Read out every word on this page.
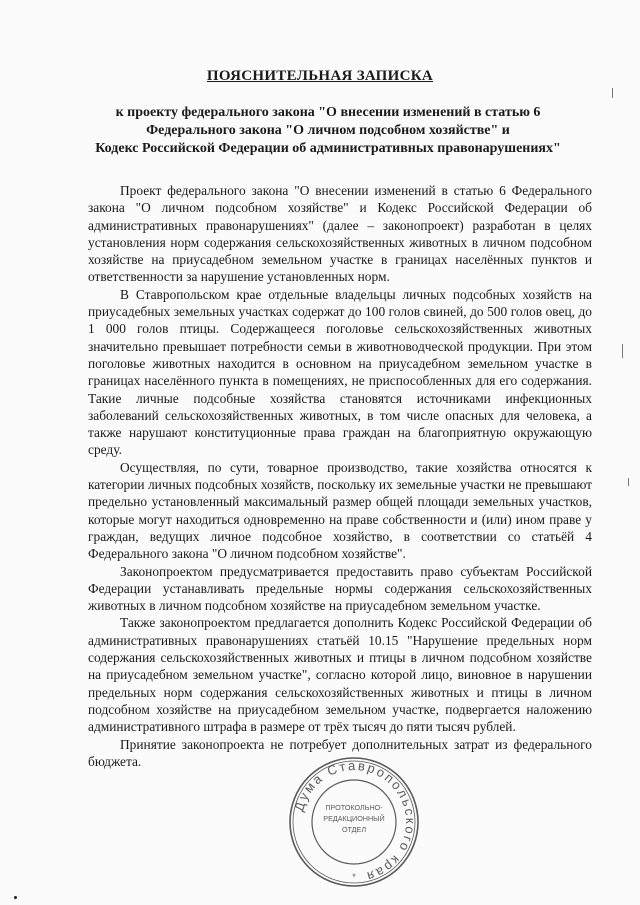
ПОЯСНИТЕЛЬНАЯ ЗАПИСКА
к проекту федерального закона "О внесении изменений в статью 6
Федерального закона "О личном подсобном хозяйстве" и
Кодекс Российской Федерации об административных правонарушениях"

Проект федерального закона "О внесении изменений в статью 6 Федерального закона "О личном подсобном хозяйстве" и Кодекс Российской Федерации об административных правонарушениях" (далее – законопроект) разработан в целях установления норм содержания сельскохозяйственных животных в личном подсобном хозяйстве на приусадебном земельном участке в границах населённых пунктов и ответственности за нарушение установленных норм.

В Ставропольском крае отдельные владельцы личных подсобных хозяйств на приусадебных земельных участках содержат до 100 голов свиней, до 500 голов овец, до 1 000 голов птицы. Содержащееся поголовье сельскохозяйственных животных значительно превышает потребности семьи в животноводческой продукции. При этом поголовье животных находится в основном на приусадебном земельном участке в границах населённого пункта в помещениях, не приспособленных для его содержания. Такие личные подсобные хозяйства становятся источниками инфекционных заболеваний сельскохозяйственных животных, в том числе опасных для человека, а также нарушают конституционные права граждан на благоприятную окружающую среду.

Осуществляя, по сути, товарное производство, такие хозяйства относятся к категории личных подсобных хозяйств, поскольку их земельные участки не превышают предельно установленный максимальный размер общей площади земельных участков, которые могут находиться одновременно на праве собственности и (или) ином праве у граждан, ведущих личное подсобное хозяйство, в соответствии со статьёй 4 Федерального закона "О личном подсобном хозяйстве".

Законопроектом предусматривается предоставить право субъектам Российской Федерации устанавливать предельные нормы содержания сельскохозяйственных животных в личном подсобном хозяйстве на приусадебном земельном участке.

Также законопроектом предлагается дополнить Кодекс Российской Федерации об административных правонарушениях статьёй 10.15 "Нарушение предельных норм содержания сельскохозяйственных животных и птицы в личном подсобном хозяйстве на приусадебном земельном участке", согласно которой лицо, виновное в нарушении предельных норм содержания сельскохозяйственных животных и птицы в личном подсобном хозяйстве на приусадебном земельном участке, подвергается наложению административного штрафа в размере от трёх тысяч до пяти тысяч рублей.

Принятие законопроекта не потребует дополнительных затрат из федерального бюджета.

Дума Ставропольского края
ПРОТОКОЛЬНО-
РЕДАКЦИОННЫЙ
ОТДЕЛ
*
